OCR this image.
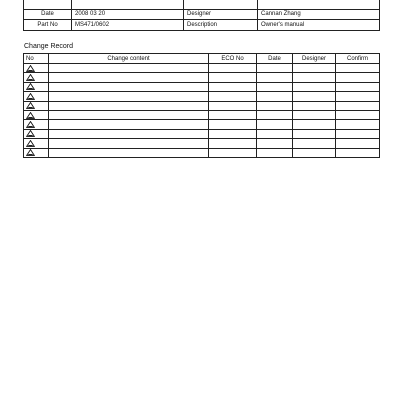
Date	2008 03 20	Designer	Cannan Zhang
Part No	MS471/0602	Description	Owner's manual
Change Record
No	Change content	ECO No	Date	Designer	Confirm
